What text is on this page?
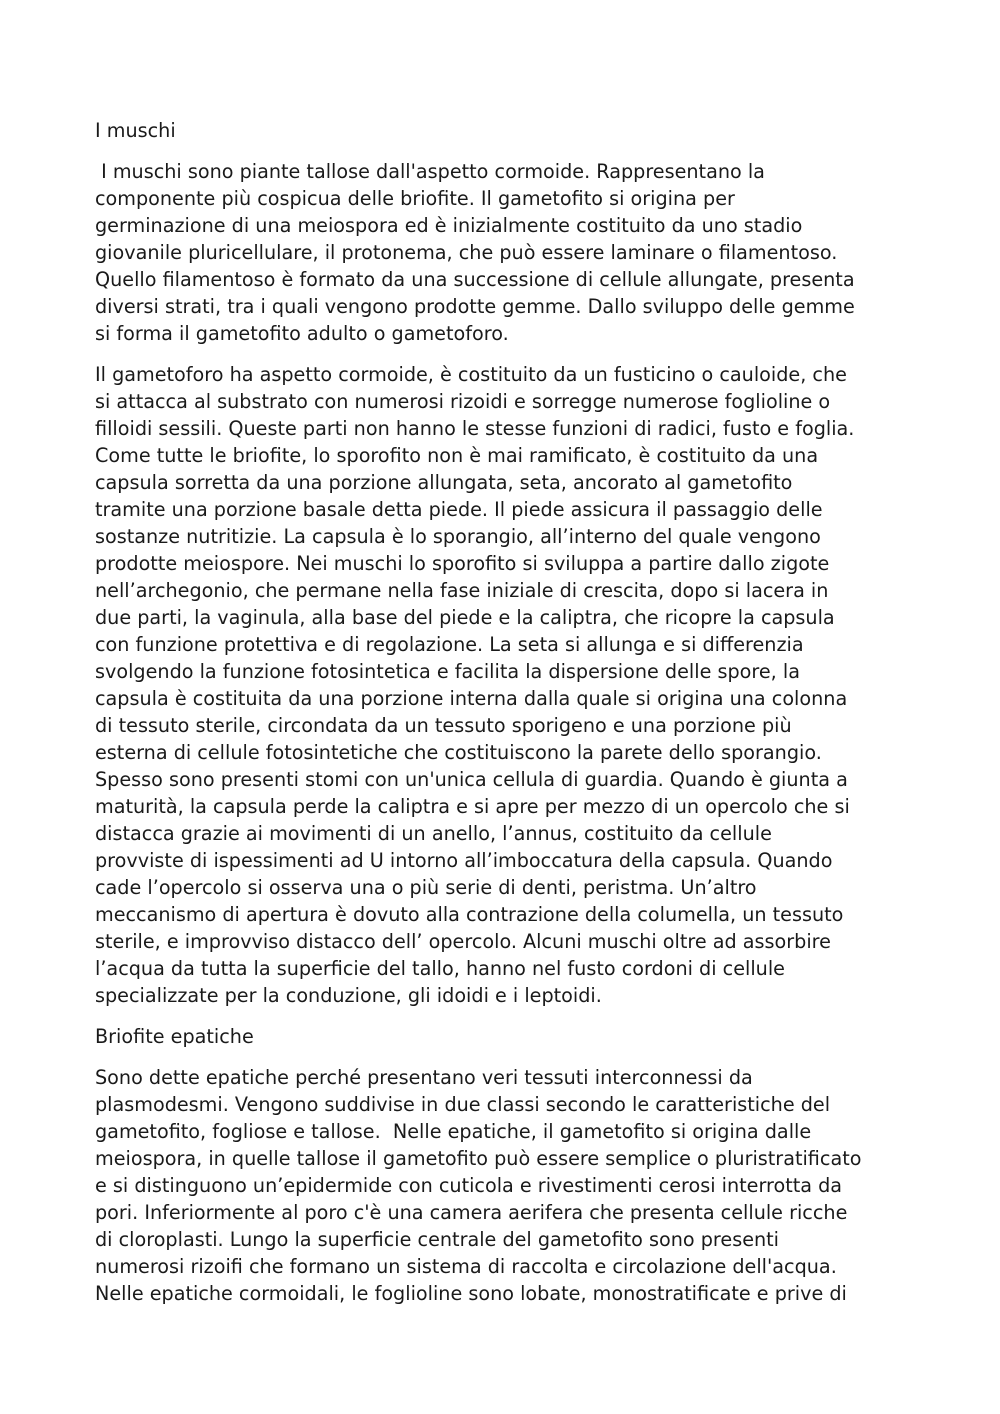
I muschi
I muschi sono piante tallose dall'aspetto cormoide. Rappresentano la
componente più cospicua delle briofite. Il gametofito si origina per
germinazione di una meiospora ed è inizialmente costituito da uno stadio
giovanile pluricellulare, il protonema, che può essere laminare o filamentoso.
Quello filamentoso è formato da una successione di cellule allungate, presenta
diversi strati, tra i quali vengono prodotte gemme. Dallo sviluppo delle gemme
si forma il gametofito adulto o gametoforo.
Il gametoforo ha aspetto cormoide, è costituito da un fusticino o cauloide, che
si attacca al substrato con numerosi rizoidi e sorregge numerose foglioline o
filloidi sessili. Queste parti non hanno le stesse funzioni di radici, fusto e foglia.
Come tutte le briofite, lo sporofito non è mai ramificato, è costituito da una
capsula sorretta da una porzione allungata, seta, ancorato al gametofito
tramite una porzione basale detta piede. Il piede assicura il passaggio delle
sostanze nutritizie. La capsula è lo sporangio, all’interno del quale vengono
prodotte meiospore. Nei muschi lo sporofito si sviluppa a partire dallo zigote
nell’archegonio, che permane nella fase iniziale di crescita, dopo si lacera in
due parti, la vaginula, alla base del piede e la caliptra, che ricopre la capsula
con funzione protettiva e di regolazione. La seta si allunga e si differenzia
svolgendo la funzione fotosintetica e facilita la dispersione delle spore, la
capsula è costituita da una porzione interna dalla quale si origina una colonna
di tessuto sterile, circondata da un tessuto sporigeno e una porzione più
esterna di cellule fotosintetiche che costituiscono la parete dello sporangio.
Spesso sono presenti stomi con un'unica cellula di guardia. Quando è giunta a
maturità, la capsula perde la caliptra e si apre per mezzo di un opercolo che si
distacca grazie ai movimenti di un anello, l’annus, costituito da cellule
provviste di ispessimenti ad U intorno all’imboccatura della capsula. Quando
cade l’opercolo si osserva una o più serie di denti, peristma. Un’altro
meccanismo di apertura è dovuto alla contrazione della columella, un tessuto
sterile, e improvviso distacco dell’ opercolo. Alcuni muschi oltre ad assorbire
l’acqua da tutta la superficie del tallo, hanno nel fusto cordoni di cellule
specializzate per la conduzione, gli idoidi e i leptoidi.
Briofite epatiche
Sono dette epatiche perché presentano veri tessuti interconnessi da
plasmodesmi. Vengono suddivise in due classi secondo le caratteristiche del
gametofito, fogliose e tallose.  Nelle epatiche, il gametofito si origina dalle
meiospora, in quelle tallose il gametofito può essere semplice o pluristratificato
e si distinguono un’epidermide con cuticola e rivestimenti cerosi interrotta da
pori. Inferiormente al poro c'è una camera aerifera che presenta cellule ricche
di cloroplasti. Lungo la superficie centrale del gametofito sono presenti
numerosi rizoifi che formano un sistema di raccolta e circolazione dell'acqua.
Nelle epatiche cormoidali, le foglioline sono lobate, monostratificate e prive di
